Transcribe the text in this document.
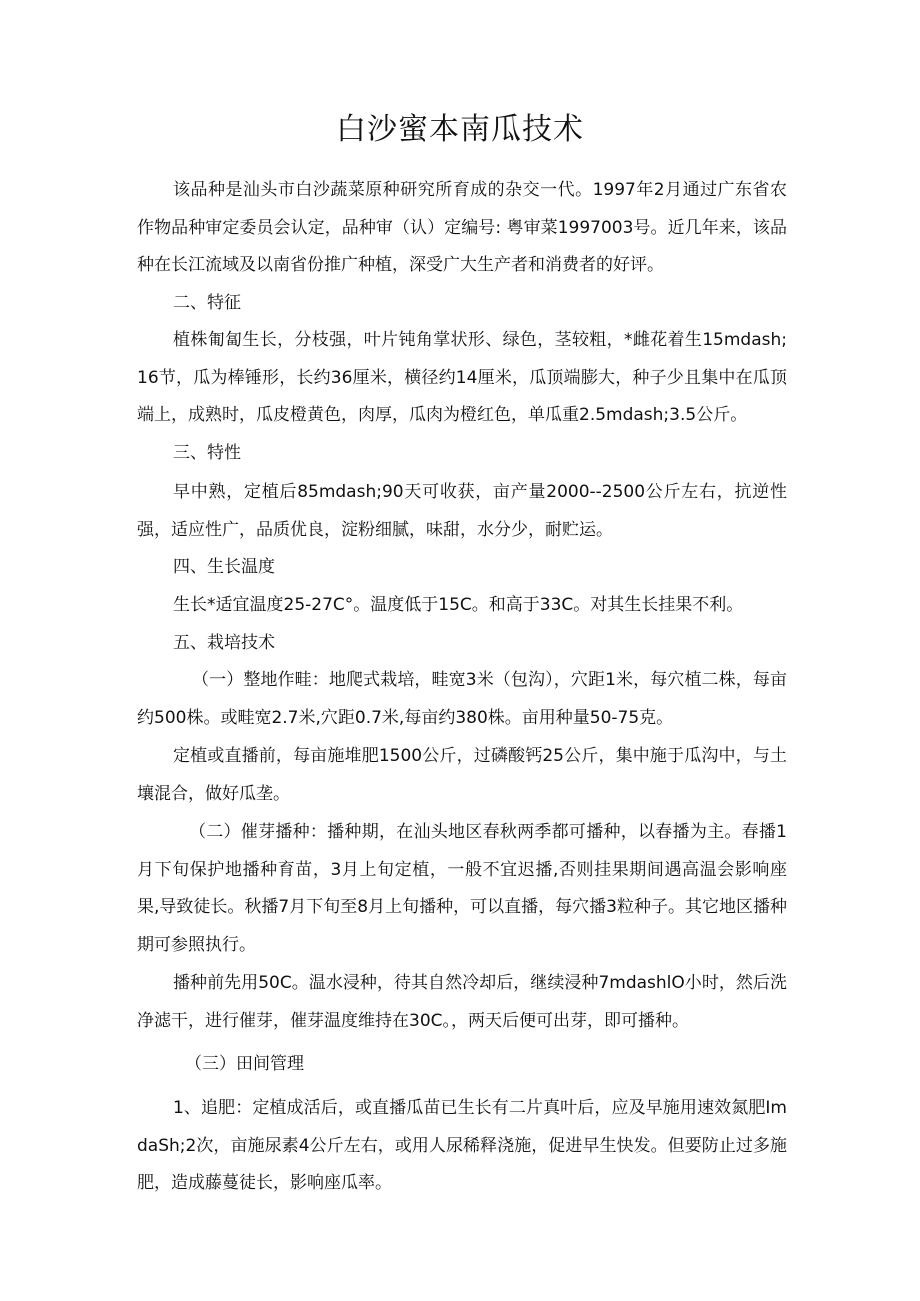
白沙蜜本南瓜技术

该品种是汕头市白沙蔬菜原种研究所育成的杂交一代。1997年2月通过广东省农作物品种审定委员会认定，品种审（认）定编号: 粤审菜1997003号。近几年来，该品种在长江流域及以南省份推广种植，深受广大生产者和消费者的好评。

二、特征

植株匍匐生长，分枝强，叶片钝角掌状形、绿色，茎较粗，*雌花着生15mdash;16节，瓜为棒锤形，长约36厘米，横径约14厘米，瓜顶端膨大，种子少且集中在瓜顶端上，成熟时，瓜皮橙黄色，肉厚，瓜肉为橙红色，单瓜重2.5mdash;3.5公斤。

三、特性

早中熟，定植后85mdash;90天可收获，亩产量2000--2500公斤左右，抗逆性强，适应性广，品质优良，淀粉细腻，味甜，水分少，耐贮运。

四、生长温度

生长*适宜温度25-27C°。温度低于15C。和高于33C。对其生长挂果不利。

五、栽培技术

（一）整地作畦：地爬式栽培，畦宽3米（包沟），穴距1米，每穴植二株，每亩约500株。或畦宽2.7米,穴距0.7米,每亩约380株。亩用种量50-75克。

定植或直播前，每亩施堆肥1500公斤，过磷酸钙25公斤，集中施于瓜沟中，与土壤混合，做好瓜垄。

（二）催芽播种：播种期，在汕头地区春秋两季都可播种，以春播为主。春播1月下旬保护地播种育苗，3月上旬定植，一般不宜迟播,否则挂果期间遇高温会影响座果,导致徒长。秋播7月下旬至8月上旬播种，可以直播，每穴播3粒种子。其它地区播种期可参照执行。

播种前先用50C。温水浸种，待其自然冷却后，继续浸种7mdashlO小时，然后洗净滤干，进行催芽，催芽温度维持在30C。，两天后便可出芽，即可播种。

（三）田间管理

1、追肥：定植成活后，或直播瓜苗已生长有二片真叶后，应及早施用速效氮肥ImdaSh;2次，亩施尿素4公斤左右，或用人尿稀释浇施，促进早生快发。但要防止过多施肥，造成藤蔓徒长，影响座瓜率。
